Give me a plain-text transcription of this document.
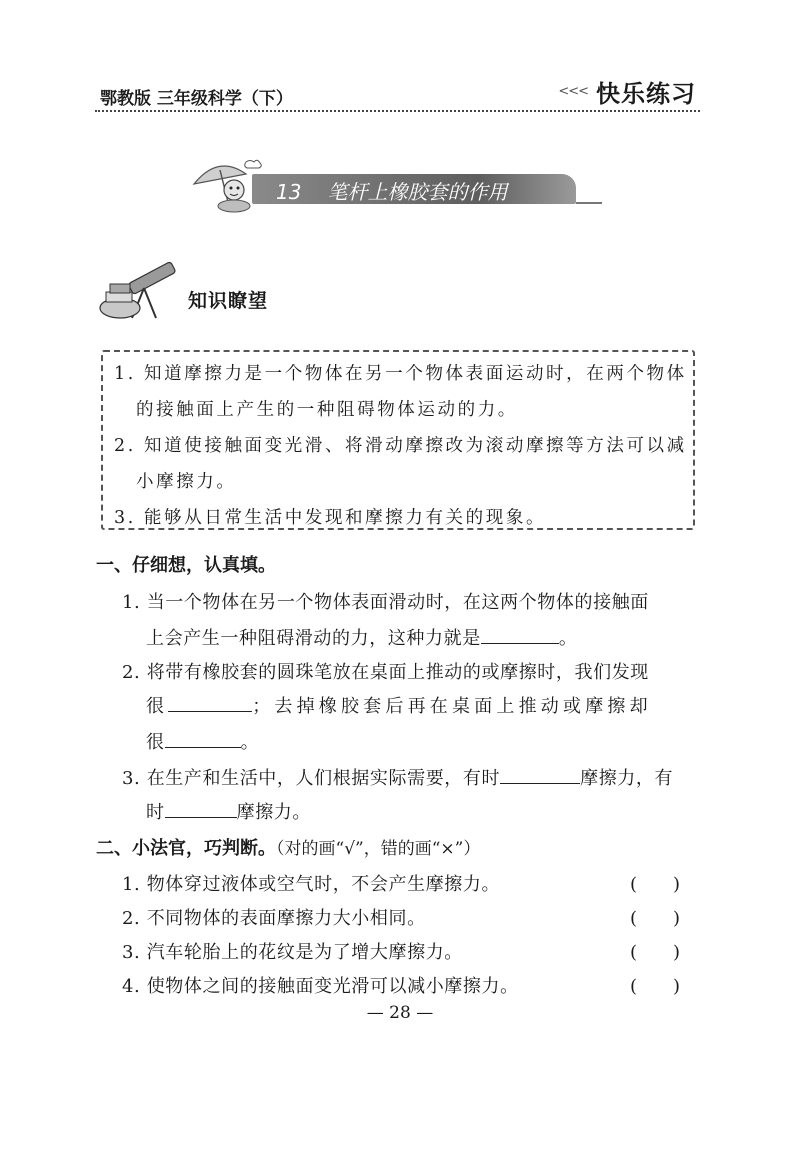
鄂教版 三年级科学（下）	<<< 快乐练习
13 笔杆上橡胶套的作用
知识瞭望
1. 知道摩擦力是一个物体在另一个物体表面运动时，在两个物体
的接触面上产生的一种阻碍物体运动的力。
2. 知道使接触面变光滑、将滑动摩擦改为滚动摩擦等方法可以减
小摩擦力。
3. 能够从日常生活中发现和摩擦力有关的现象。
一、仔细想，认真填。
1. 当一个物体在另一个物体表面滑动时，在这两个物体的接触面
上会产生一种阻碍滑动的力，这种力就是	。
2. 将带有橡胶套的圆珠笔放在桌面上推动的或摩擦时，我们发现
很	；去掉橡胶套后再在桌面上推动或摩擦却
很	。
3. 在生产和生活中，人们根据实际需要，有时	摩擦力，有
时	摩擦力。
二、小法官，巧判断。（对的画“√”，错的画“×”）
1. 物体穿过液体或空气时，不会产生摩擦力。	(　　)
2. 不同物体的表面摩擦力大小相同。	(　　)
3. 汽车轮胎上的花纹是为了增大摩擦力。	(　　)
4. 使物体之间的接触面变光滑可以减小摩擦力。	(　　)
— 28 —
